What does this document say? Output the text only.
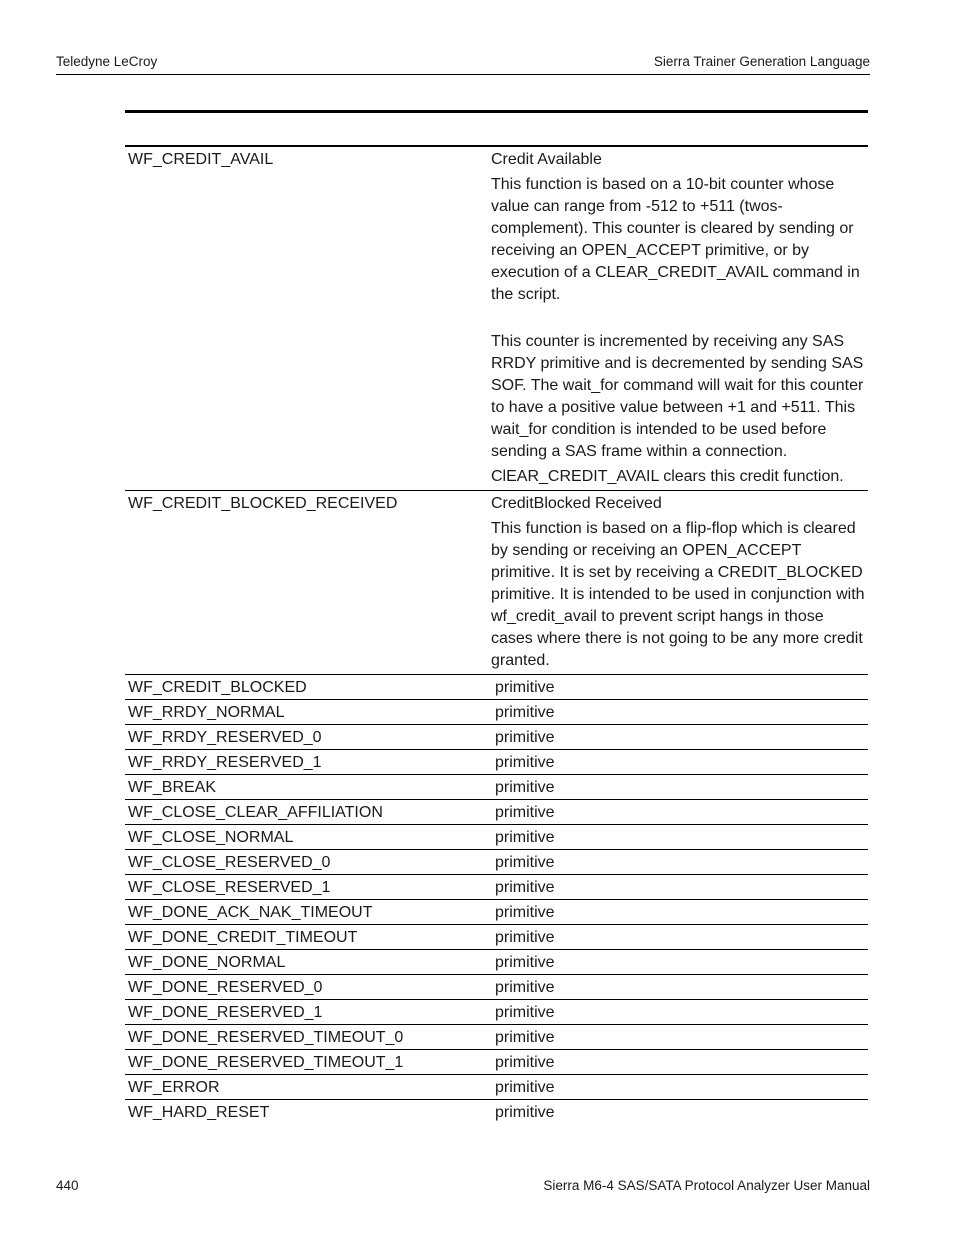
Teledyne LeCroy	Sierra Trainer Generation Language
WF_CREDIT_AVAIL	Credit Available

This function is based on a 10-bit counter whose value can range from -512 to +511 (twos-complement). This counter is cleared by sending or receiving an OPEN_ACCEPT primitive, or by execution of a CLEAR_CREDIT_AVAIL command in the script.

This counter is incremented by receiving any SAS RRDY primitive and is decremented by sending SAS SOF. The wait_for command will wait for this counter to have a positive value between +1 and +511. This wait_for condition is intended to be used before sending a SAS frame within a connection.

ClEAR_CREDIT_AVAIL clears this credit function.

WF_CREDIT_BLOCKED_RECEIVED	CreditBlocked Received

This function is based on a flip-flop which is cleared by sending or receiving an OPEN_ACCEPT primitive. It is set by receiving a CREDIT_BLOCKED primitive. It is intended to be used in conjunction with wf_credit_avail to prevent script hangs in those cases where there is not going to be any more credit granted.

WF_CREDIT_BLOCKED	primitive
WF_RRDY_NORMAL	primitive
WF_RRDY_RESERVED_0	primitive
WF_RRDY_RESERVED_1	primitive
WF_BREAK	primitive
WF_CLOSE_CLEAR_AFFILIATION	primitive
WF_CLOSE_NORMAL	primitive
WF_CLOSE_RESERVED_0	primitive
WF_CLOSE_RESERVED_1	primitive
WF_DONE_ACK_NAK_TIMEOUT	primitive
WF_DONE_CREDIT_TIMEOUT	primitive
WF_DONE_NORMAL	primitive
WF_DONE_RESERVED_0	primitive
WF_DONE_RESERVED_1	primitive
WF_DONE_RESERVED_TIMEOUT_0	primitive
WF_DONE_RESERVED_TIMEOUT_1	primitive
WF_ERROR	primitive
WF_HARD_RESET	primitive
440	Sierra M6-4 SAS/SATA Protocol Analyzer User Manual
